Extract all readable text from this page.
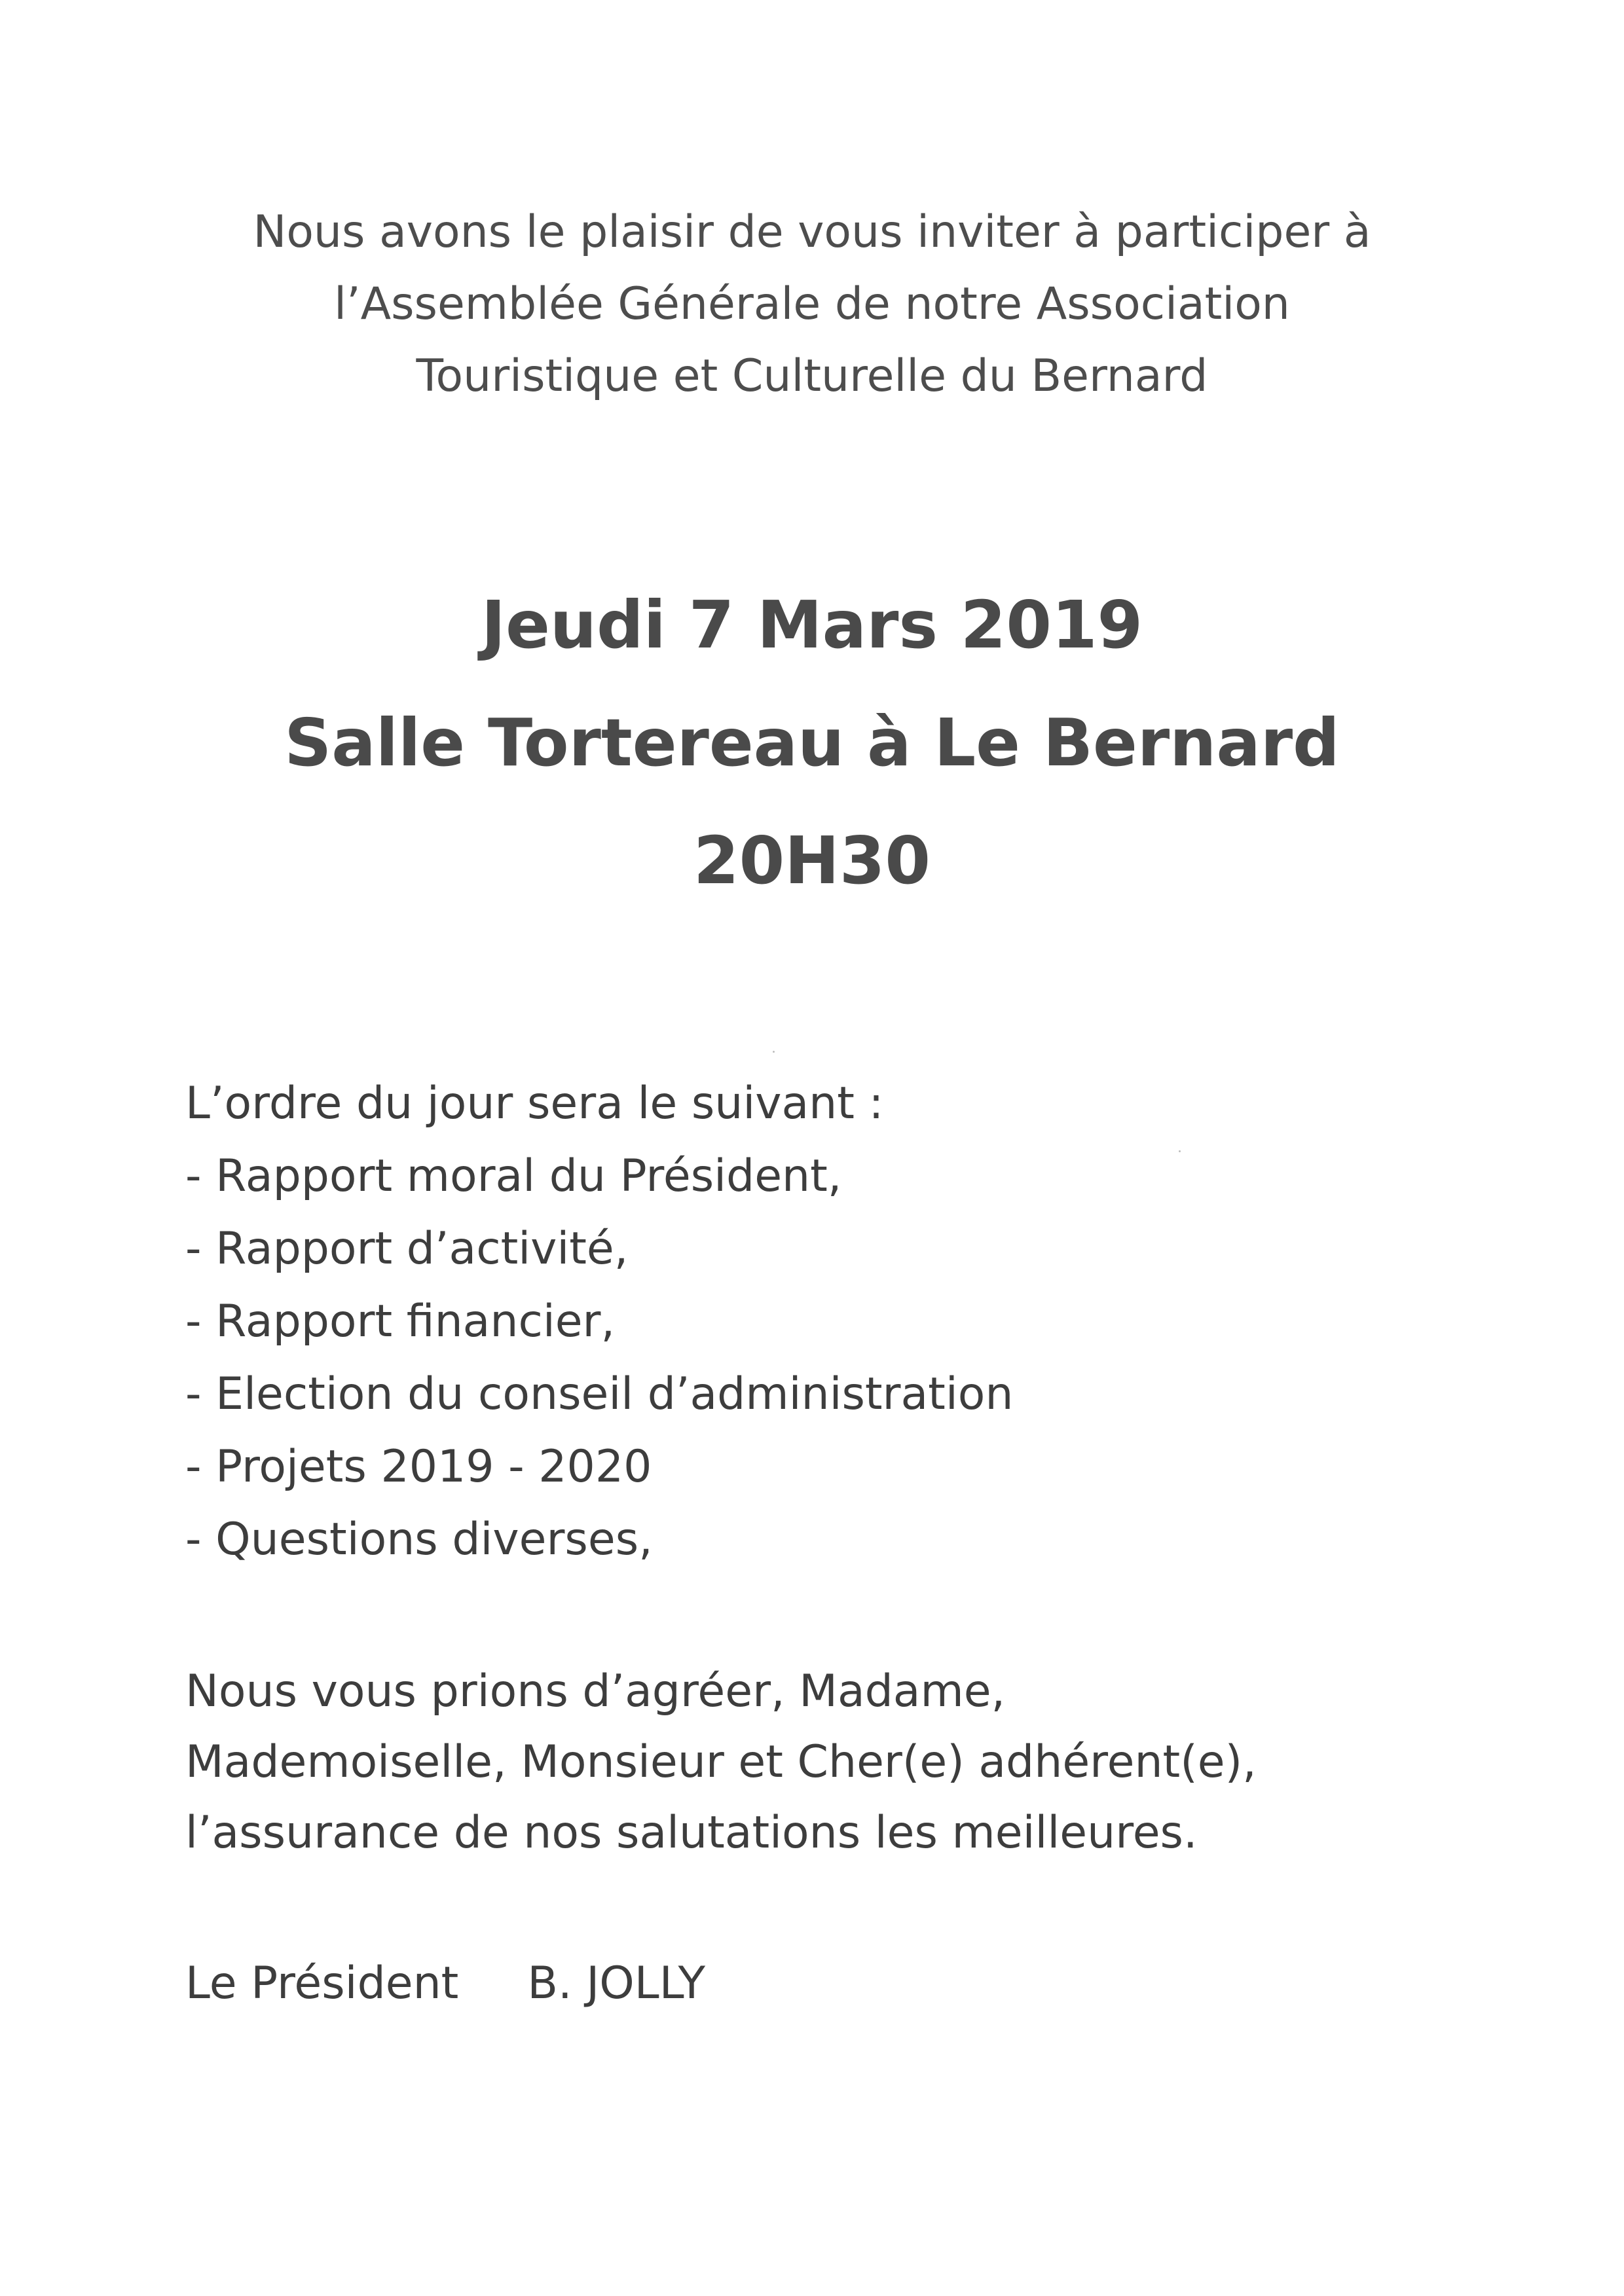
Nous avons le plaisir de vous inviter à participer à
l’Assemblée Générale de notre Association
Touristique et Culturelle du Bernard
Jeudi 7 Mars 2019
Salle Tortereau à Le Bernard
20H30
L’ordre du jour sera le suivant :
- Rapport moral du Président,
- Rapport d’activité,
- Rapport financier,
- Election du conseil d’administration
- Projets 2019 - 2020
- Questions diverses,
Nous vous prions d’agréer, Madame,
Mademoiselle, Monsieur et Cher(e) adhérent(e),
l’assurance de nos salutations les meilleures.
Le Président B. JOLLY
